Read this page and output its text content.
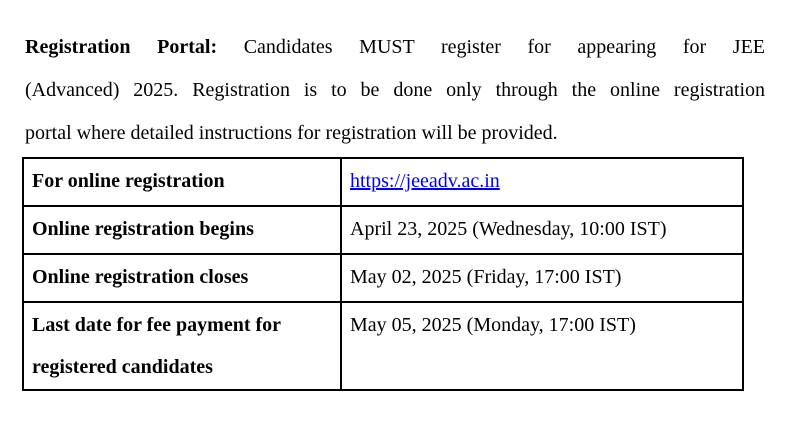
Registration Portal: Candidates MUST register for appearing for JEE
(Advanced) 2025. Registration is to be done only through the online registration
portal where detailed instructions for registration will be provided.

For online registration	https://jeeadv.ac.in
Online registration begins	April 23, 2025 (Wednesday, 10:00 IST)
Online registration closes	May 02, 2025 (Friday, 17:00 IST)
Last date for fee payment for registered candidates	May 05, 2025 (Monday, 17:00 IST)
